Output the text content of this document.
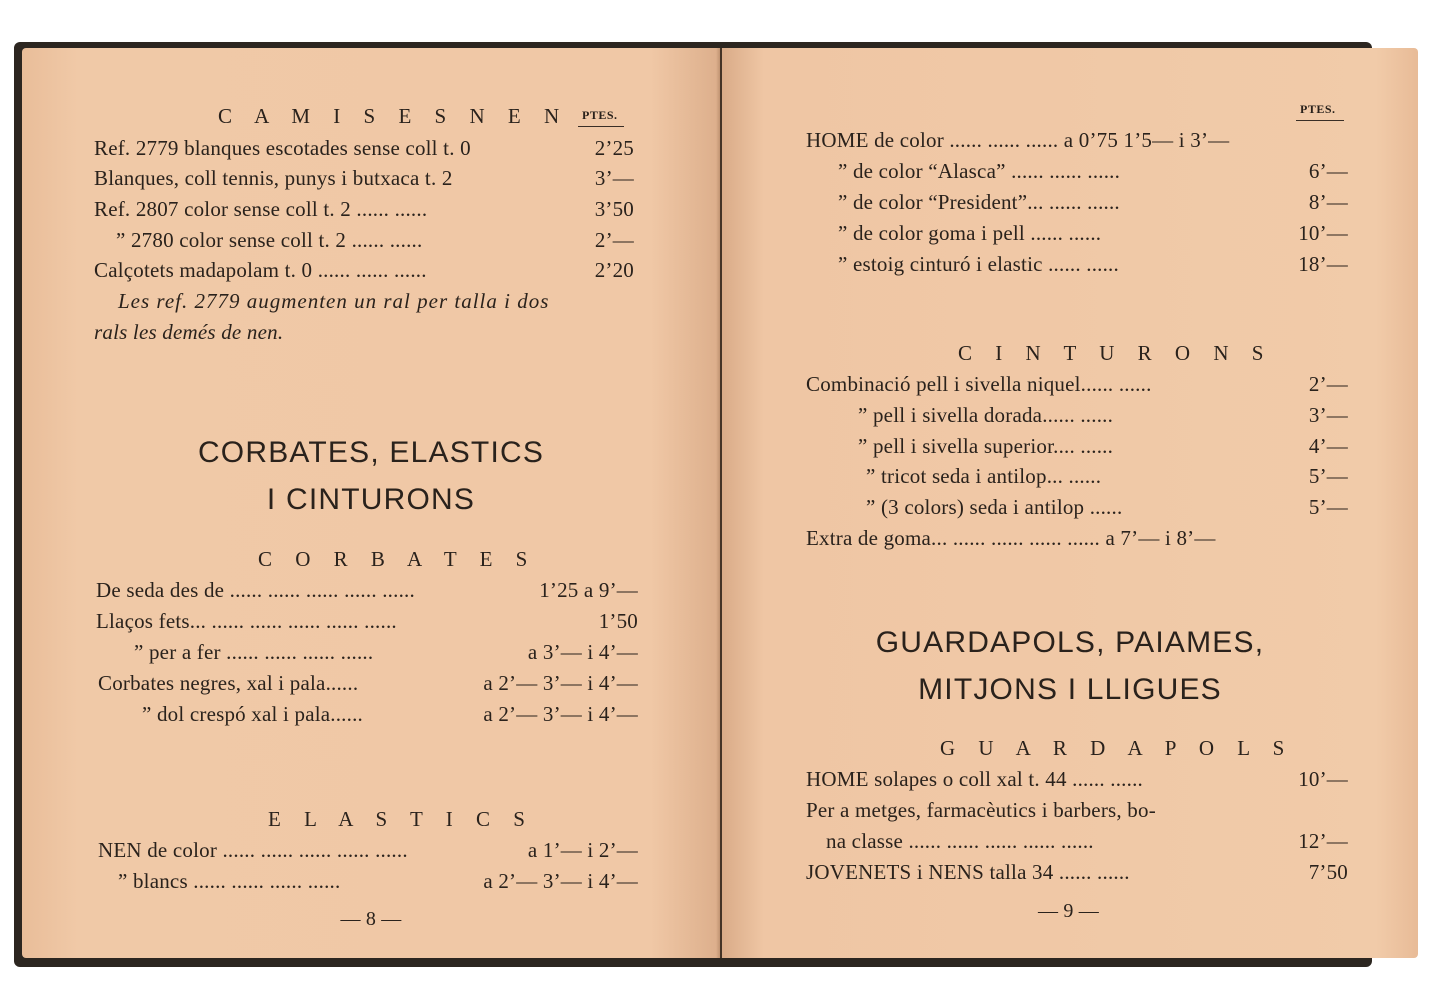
C A M I S E S N E N PTES.
Ref. 2779 blanques escotades sense coll t. 0	2’25
Blanques, coll tennis, punys i butxaca t. 2	3’—
Ref. 2807 color sense coll t. 2 ...... ......	3’50
” 2780 color sense coll t. 2 ...... ......	2’—
Calçotets madapolam t. 0 ...... ...... ......	2’20
Les ref. 2779 augmenten un ral per talla i dos
rals les demés de nen.
CORBATES, ELASTICS
I CINTURONS
C O R B A T E S
De seda des de ...... ...... ...... ...... ......	1’25 a 9’—
Llaços fets... ...... ...... ...... ...... ......	1’50
” per a fer ...... ...... ...... ......	a 3’— i 4’—
Corbates negres, xal i pala......	a 2’— 3’— i 4’—
” dol crespó xal i pala......	a 2’— 3’— i 4’—
E L A S T I C S
NEN de color ...... ...... ...... ...... ......	a 1’— i 2’—
” blancs ...... ...... ...... ......	a 2’— 3’— i 4’—
— 8 —
PTES.
HOME de color ...... ...... ...... a 0’75 1’5— i 3’—
” de color “Alasca” ...... ...... ......	6’—
” de color “President”... ...... ......	8’—
” de color goma i pell ...... ......	10’—
” estoig cinturó i elastic ...... ......	18’—
C I N T U R O N S
Combinació pell i sivella niquel...... ......	2’—
” pell i sivella dorada...... ......	3’—
” pell i sivella superior.... ......	4’—
” tricot seda i antilop... ......	5’—
” (3 colors) seda i antilop ......	5’—
Extra de goma... ...... ...... ...... ...... a 7’— i 8’—
GUARDAPOLS, PAIAMES,
MITJONS I LLIGUES
G U A R D A P O L S
HOME solapes o coll xal t. 44 ...... ......	10’—
Per a metges, farmacèutics i barbers, bo-
na classe ...... ...... ...... ...... ......	12’—
JOVENETS i NENS talla 34 ...... ......	7’50
— 9 —
